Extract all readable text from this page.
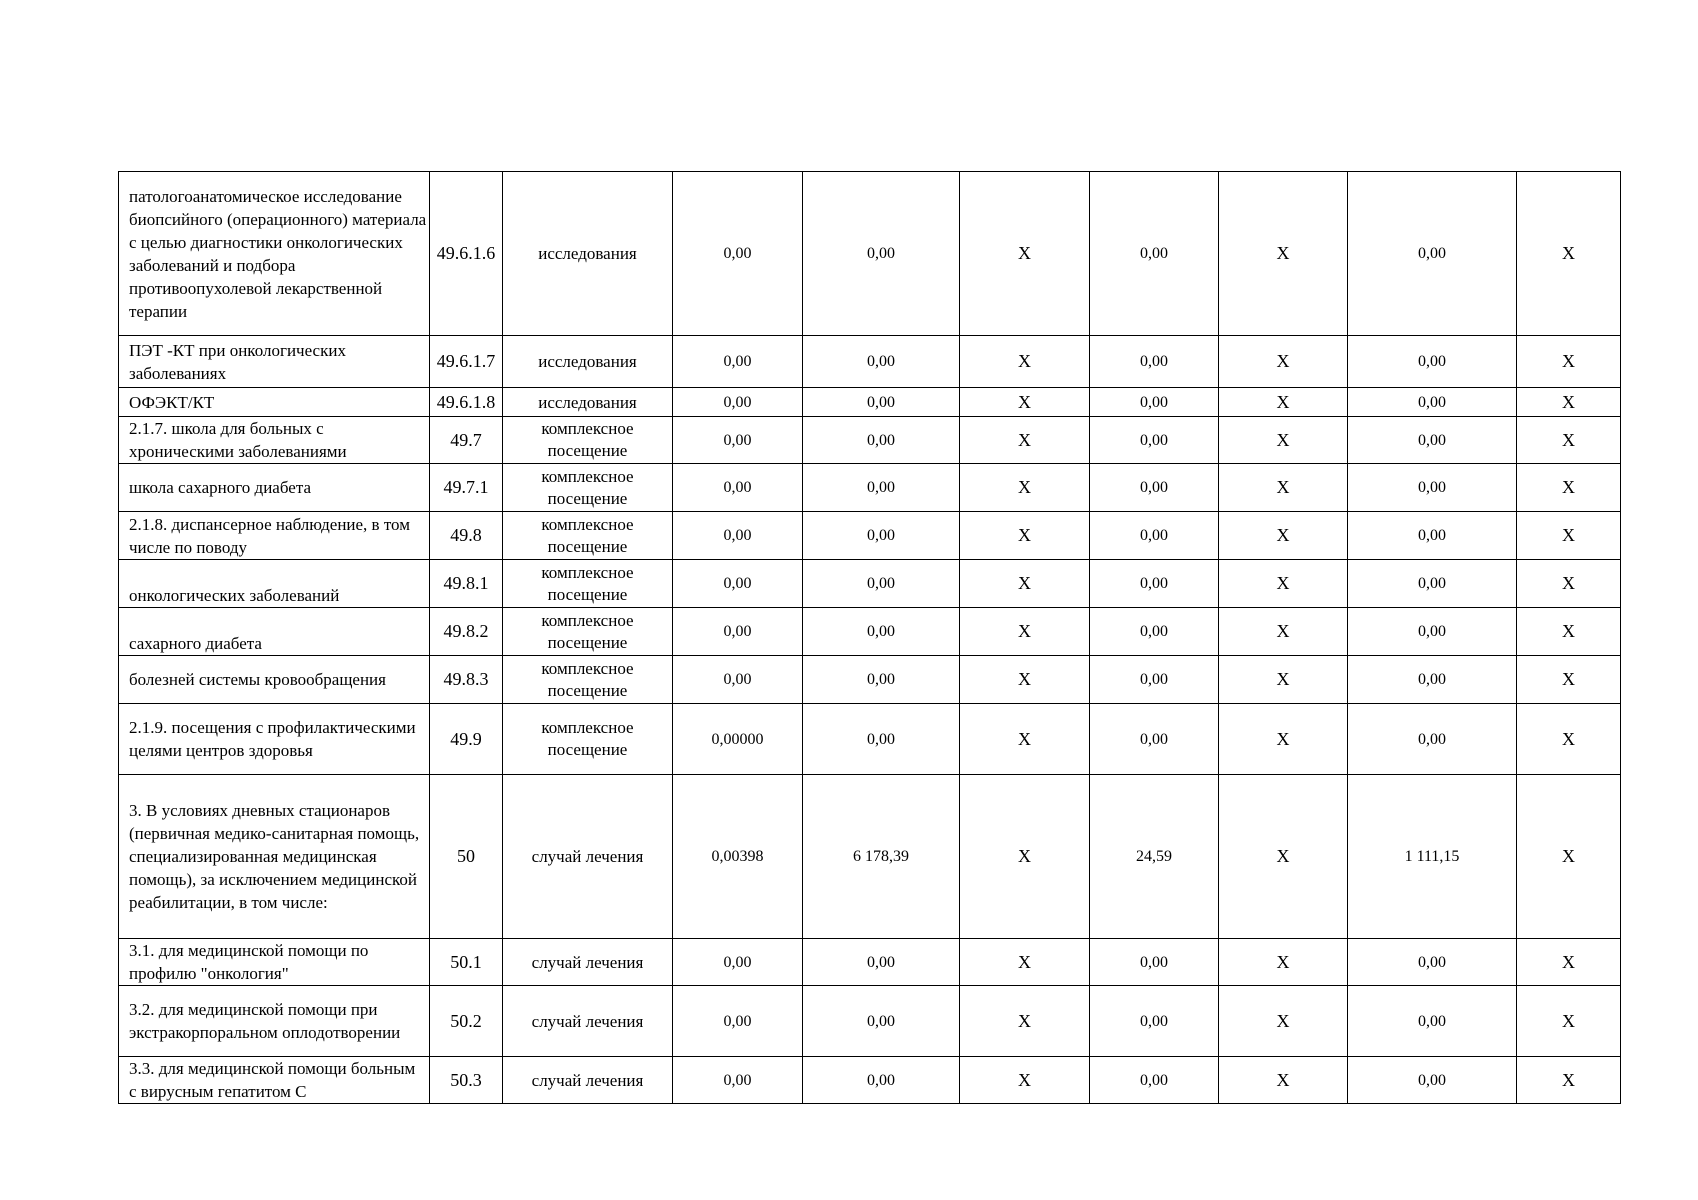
патологоанатомическое исследование биопсийного (операционного) материала с целью диагностики онкологических заболеваний и подбора противоопухолевой лекарственной терапии	49.6.1.6	исследования	0,00	0,00	X	0,00	X	0,00	X
ПЭТ -КТ при онкологических заболеваниях	49.6.1.7	исследования	0,00	0,00	X	0,00	X	0,00	X
ОФЭКТ/КТ	49.6.1.8	исследования	0,00	0,00	X	0,00	X	0,00	X
2.1.7. школа для больных с хроническими заболеваниями	49.7	комплексное посещение	0,00	0,00	X	0,00	X	0,00	X
школа сахарного диабета	49.7.1	комплексное посещение	0,00	0,00	X	0,00	X	0,00	X
2.1.8. диспансерное наблюдение, в том числе по поводу	49.8	комплексное посещение	0,00	0,00	X	0,00	X	0,00	X
онкологических заболеваний	49.8.1	комплексное посещение	0,00	0,00	X	0,00	X	0,00	X
сахарного диабета	49.8.2	комплексное посещение	0,00	0,00	X	0,00	X	0,00	X
болезней системы кровообращения	49.8.3	комплексное посещение	0,00	0,00	X	0,00	X	0,00	X
2.1.9. посещения с профилактическими целями центров здоровья	49.9	комплексное посещение	0,00000	0,00	X	0,00	X	0,00	X
3. В условиях дневных стационаров (первичная медико-санитарная помощь, специализированная медицинская помощь), за исключением медицинской реабилитации, в том числе:	50	случай лечения	0,00398	6 178,39	X	24,59	X	1 111,15	X
3.1. для медицинской помощи по профилю "онкология"	50.1	случай лечения	0,00	0,00	X	0,00	X	0,00	X
3.2. для медицинской помощи при экстракорпоральном оплодотворении	50.2	случай лечения	0,00	0,00	X	0,00	X	0,00	X
3.3. для медицинской помощи больным с вирусным гепатитом С	50.3	случай лечения	0,00	0,00	X	0,00	X	0,00	X
